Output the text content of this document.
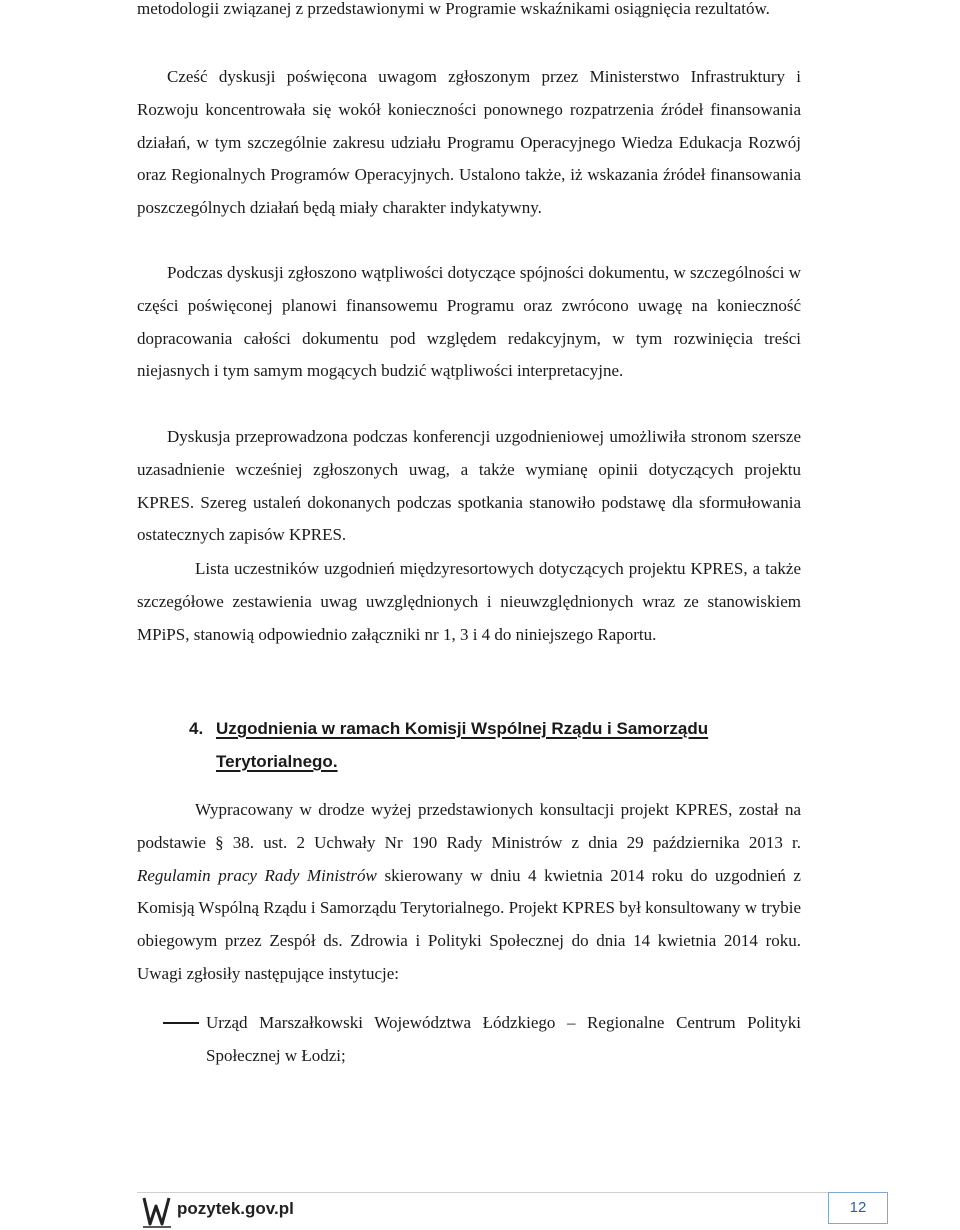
metodologii związanej z przedstawionymi w Programie wskaźnikami osiągnięcia rezultatów.

Cześć dyskusji poświęcona uwagom zgłoszonym przez Ministerstwo Infrastruktury i Rozwoju koncentrowała się wokół konieczności ponownego rozpatrzenia źródeł finansowania działań, w tym szczególnie zakresu udziału Programu Operacyjnego Wiedza Edukacja Rozwój oraz Regionalnych Programów Operacyjnych. Ustalono także, iż wskazania źródeł finansowania poszczególnych działań będą miały charakter indykatywny.

Podczas dyskusji zgłoszono wątpliwości dotyczące spójności dokumentu, w szczególności w części poświęconej planowi finansowemu Programu oraz zwrócono uwagę na konieczność dopracowania całości dokumentu pod względem redakcyjnym, w tym rozwinięcia treści niejasnych i tym samym mogących budzić wątpliwości interpretacyjne.

Dyskusja przeprowadzona podczas konferencji uzgodnieniowej umożliwiła stronom szersze uzasadnienie wcześniej zgłoszonych uwag, a także wymianę opinii dotyczących projektu KPRES. Szereg ustaleń dokonanych podczas spotkania stanowiło podstawę dla sformułowania ostatecznych zapisów KPRES.

Lista uczestników uzgodnień międzyresortowych dotyczących projektu KPRES, a także szczegółowe zestawienia uwag uwzględnionych i nieuwzględnionych wraz ze stanowiskiem MPiPS, stanowią odpowiednio załączniki nr 1, 3 i 4 do niniejszego Raportu.

4. Uzgodnienia w ramach Komisji Wspólnej Rządu i Samorządu Terytorialnego.

Wypracowany w drodze wyżej przedstawionych konsultacji projekt KPRES, został na podstawie § 38. ust. 2 Uchwały Nr 190 Rady Ministrów z dnia 29 października 2013 r. Regulamin pracy Rady Ministrów skierowany w dniu 4 kwietnia 2014 roku do uzgodnień z Komisją Wspólną Rządu i Samorządu Terytorialnego. Projekt KPRES był konsultowany w trybie obiegowym przez Zespół ds. Zdrowia i Polityki Społecznej do dnia 14 kwietnia 2014 roku. Uwagi zgłosiły następujące instytucje:

Urząd Marszałkowski Województwa Łódzkiego – Regionalne Centrum Polityki Społecznej w Łodzi;

pozytek.gov.pl	12
